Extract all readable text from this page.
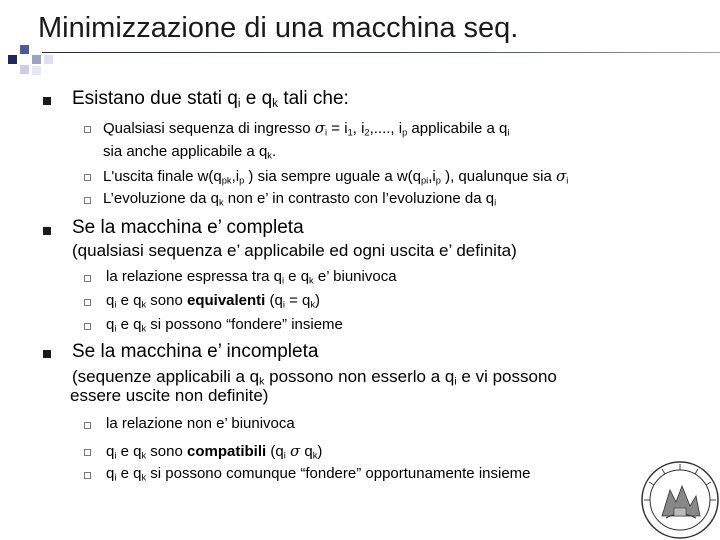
Minimizzazione di una macchina seq.
Esistano due stati $q_i$ e $q_k$ tali che:
Qualsiasi sequenza di ingresso $\sigma_i = i_1$, $i_2$,...., $i_p$ applicabile a $q_i$
sia anche applicabile a $q_k$.
L'uscita finale $w(q_{pk},i_p$ ) sia sempre uguale a $w(q_{pi},i_p$ ), qualunque sia $\sigma_i$
L’evoluzione da $q_k$ non e’ in contrasto con l’evoluzione da $q_i$
Se la macchina e’ completa
(qualsiasi sequenza e’ applicabile ed ogni uscita e’ definita)
la relazione espressa tra $q_i$ e $q_k$ e’ biunivoca
$q_i$ e $q_k$ sono equivalenti $(q_i = q_k)$
$q_i$ e $q_k$ si possono “fondere” insieme
Se la macchina e’ incompleta
(sequenze applicabili a $q_k$ possono non esserlo a $q_i$ e vi possono
essere uscite non definite)
la relazione non e’ biunivoca
$q_i$ e $q_k$ sono compatibili ($q_i$ σ $q_k$)
$q_i$ e $q_k$ si possono comunque “fondere” opportunamente insieme
